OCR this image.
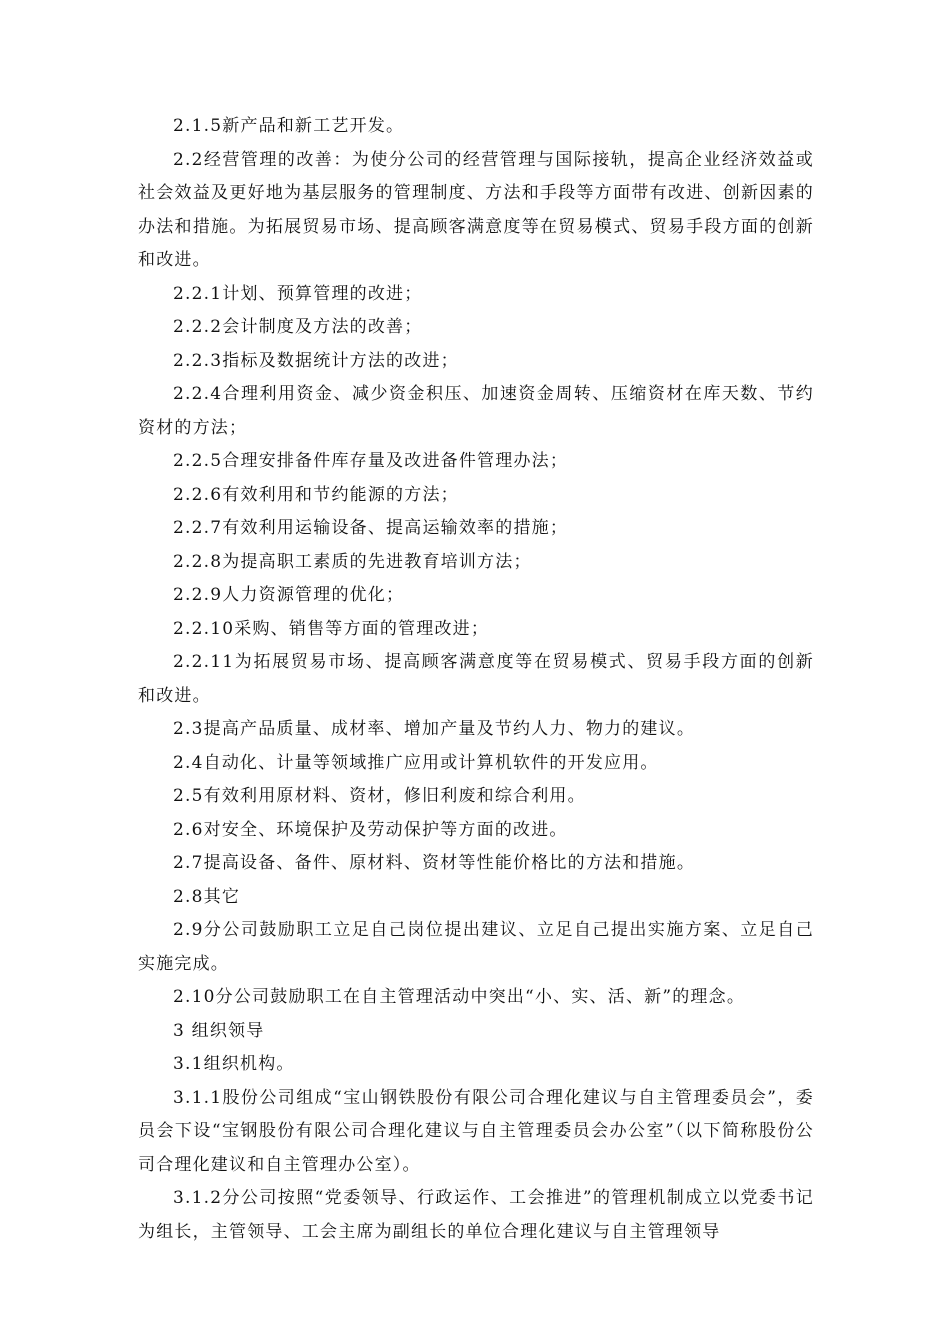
2.1.5新产品和新工艺开发。

2.2经营管理的改善：为使分公司的经营管理与国际接轨，提高企业经济效益或社会效益及更好地为基层服务的管理制度、方法和手段等方面带有改进、创新因素的办法和措施。为拓展贸易市场、提高顾客满意度等在贸易模式、贸易手段方面的创新和改进。

2.2.1计划、预算管理的改进；

2.2.2会计制度及方法的改善；

2.2.3指标及数据统计方法的改进；

2.2.4合理利用资金、减少资金积压、加速资金周转、压缩资材在库天数、节约资材的方法；

2.2.5合理安排备件库存量及改进备件管理办法；

2.2.6有效利用和节约能源的方法；

2.2.7有效利用运输设备、提高运输效率的措施；

2.2.8为提高职工素质的先进教育培训方法；

2.2.9人力资源管理的优化；

2.2.10采购、销售等方面的管理改进；

2.2.11为拓展贸易市场、提高顾客满意度等在贸易模式、贸易手段方面的创新和改进。

2.3提高产品质量、成材率、增加产量及节约人力、物力的建议。

2.4自动化、计量等领域推广应用或计算机软件的开发应用。

2.5有效利用原材料、资材，修旧利废和综合利用。

2.6对安全、环境保护及劳动保护等方面的改进。

2.7提高设备、备件、原材料、资材等性能价格比的方法和措施。

2.8其它

2.9分公司鼓励职工立足自己岗位提出建议、立足自己提出实施方案、立足自己实施完成。

2.10分公司鼓励职工在自主管理活动中突出“小、实、活、新”的理念。

3 组织领导

3.1组织机构。

3.1.1股份公司组成“宝山钢铁股份有限公司合理化建议与自主管理委员会”，委员会下设“宝钢股份有限公司合理化建议与自主管理委员会办公室”（以下简称股份公司合理化建议和自主管理办公室）。

3.1.2分公司按照“党委领导、行政运作、工会推进”的管理机制成立以党委书记为组长，主管领导、工会主席为副组长的单位合理化建议与自主管理领导
